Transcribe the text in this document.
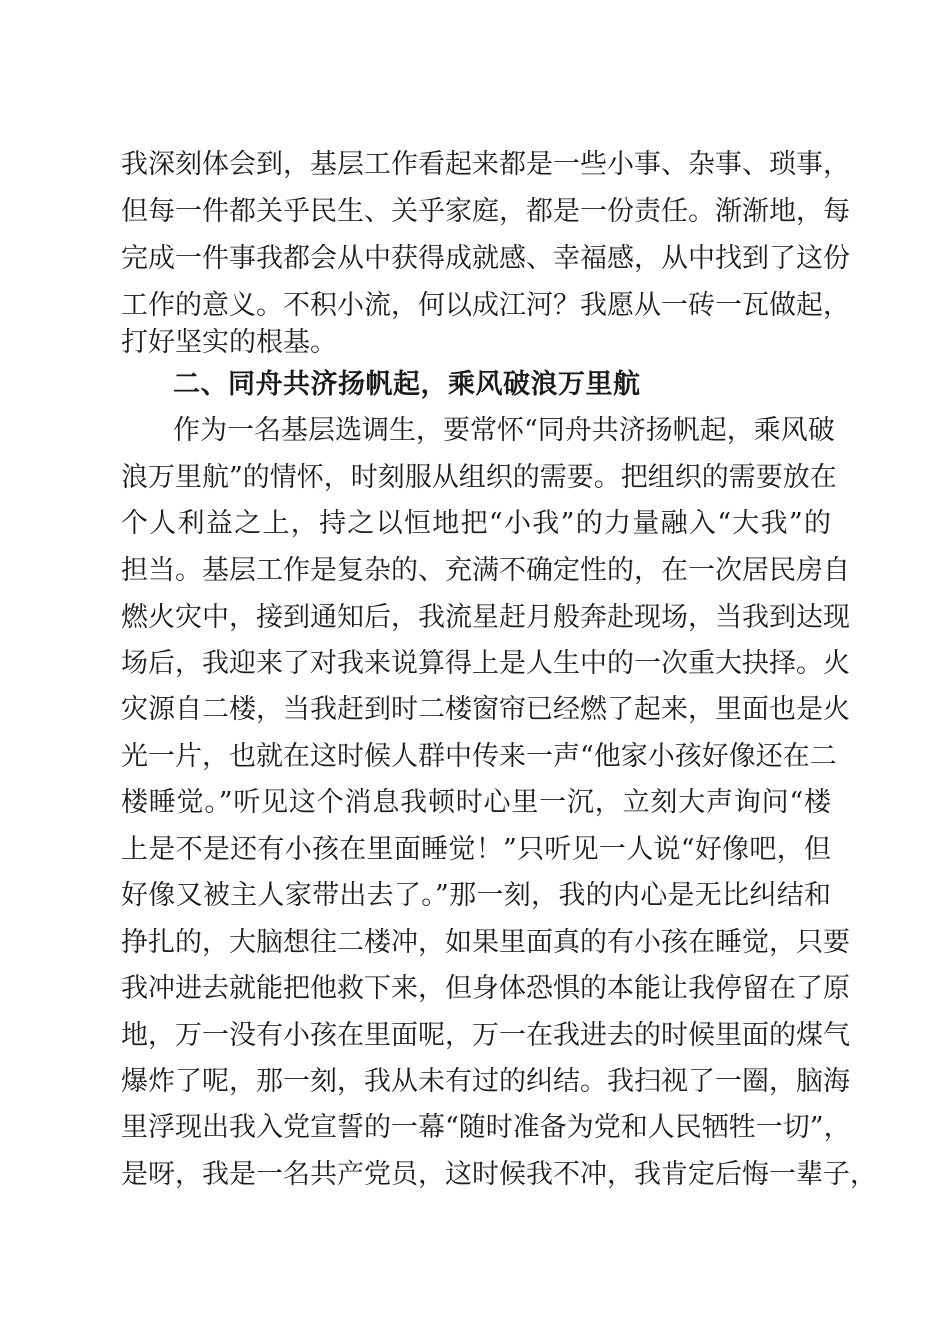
我深刻体会到，基层工作看起来都是一些小事、杂事、琐事，
但每一件都关乎民生、关乎家庭，都是一份责任。渐渐地，每
完成一件事我都会从中获得成就感、幸福感，从中找到了这份
工作的意义。不积小流，何以成江河？我愿从一砖一瓦做起，
打好坚实的根基。
二、同舟共济扬帆起，乘风破浪万里航
作为一名基层选调生，要常怀“同舟共济扬帆起，乘风破
浪万里航”的情怀，时刻服从组织的需要。把组织的需要放在
个人利益之上，持之以恒地把“小我”的力量融入“大我”的
担当。基层工作是复杂的、充满不确定性的，在一次居民房自
燃火灾中，接到通知后，我流星赶月般奔赴现场，当我到达现
场后，我迎来了对我来说算得上是人生中的一次重大抉择。火
灾源自二楼，当我赶到时二楼窗帘已经燃了起来，里面也是火
光一片，也就在这时候人群中传来一声“他家小孩好像还在二
楼睡觉。”听见这个消息我顿时心里一沉，立刻大声询问“楼
上是不是还有小孩在里面睡觉！”只听见一人说“好像吧，但
好像又被主人家带出去了。”那一刻，我的内心是无比纠结和
挣扎的，大脑想往二楼冲，如果里面真的有小孩在睡觉，只要
我冲进去就能把他救下来，但身体恐惧的本能让我停留在了原
地，万一没有小孩在里面呢，万一在我进去的时候里面的煤气
爆炸了呢，那一刻，我从未有过的纠结。我扫视了一圈，脑海
里浮现出我入党宣誓的一幕“随时准备为党和人民牺牲一切”，
是呀，我是一名共产党员，这时候我不冲，我肯定后悔一辈子，
